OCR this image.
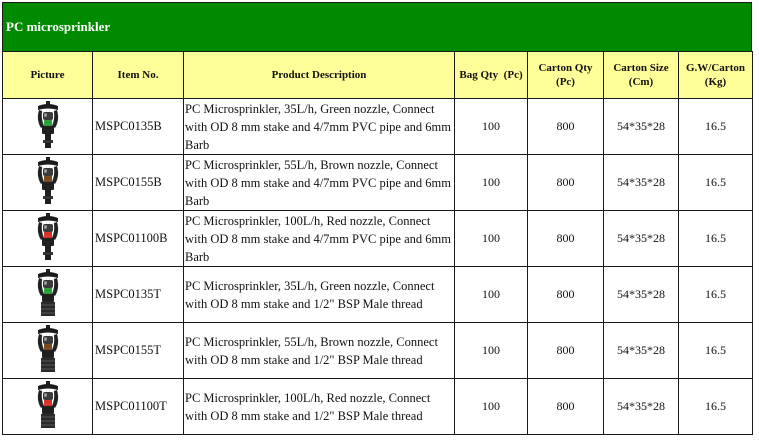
PC microsprinkler
Picture	Item No.	Product Description	Bag Qty  (Pc)	Carton Qty (Pc)	Carton Size (Cm)	G.W/Carton (Kg)
	MSPC0135B	PC Microsprinkler, 35L/h, Green nozzle, Connect with OD 8 mm stake and 4/7mm PVC pipe and 6mm Barb	100	800	54*35*28	16.5
	MSPC0155B	PC Microsprinkler, 55L/h, Brown nozzle, Connect with OD 8 mm stake and 4/7mm PVC pipe and 6mm Barb	100	800	54*35*28	16.5
	MSPC01100B	PC Microsprinkler, 100L/h, Red nozzle, Connect with OD 8 mm stake and 4/7mm PVC pipe and 6mm Barb	100	800	54*35*28	16.5
	MSPC0135T	PC Microsprinkler, 35L/h, Green nozzle, Connect with OD 8 mm stake and 1/2" BSP Male thread	100	800	54*35*28	16.5
	MSPC0155T	PC Microsprinkler, 55L/h, Brown nozzle, Connect with OD 8 mm stake and 1/2" BSP Male thread	100	800	54*35*28	16.5
	MSPC01100T	PC Microsprinkler, 100L/h, Red nozzle, Connect with OD 8 mm stake and 1/2" BSP Male thread	100	800	54*35*28	16.5
